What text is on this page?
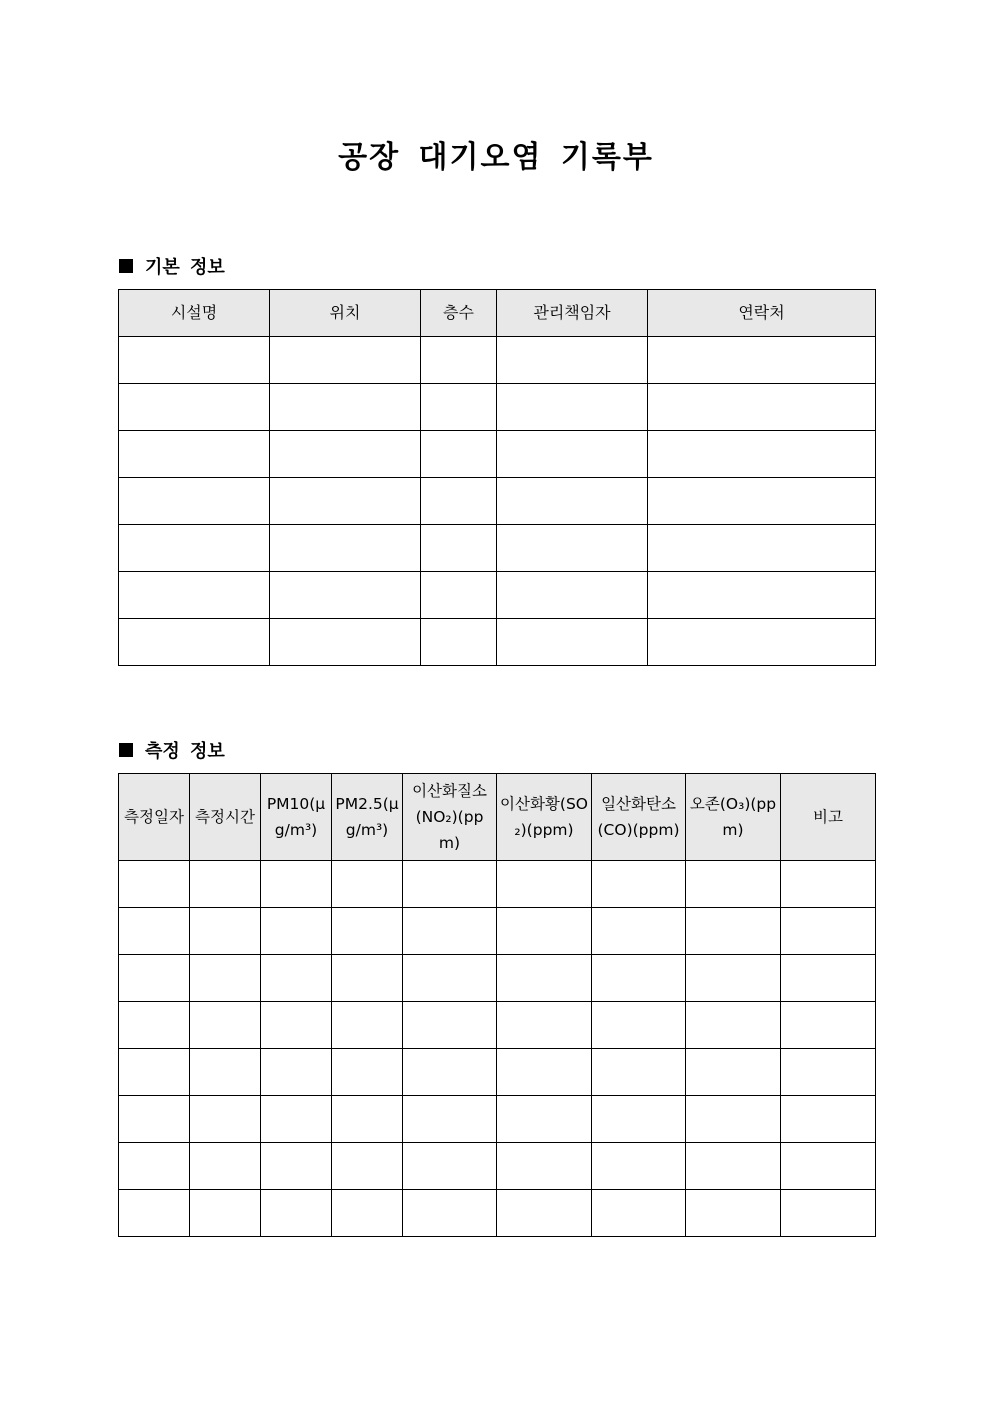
공장 대기오염 기록부
기본 정보
시설명	위치	층수	관리책임자	연락처

측정 정보
측정일자	측정시간	PM10(μg/m³)	PM2.5(μg/m³)	이산화질소(NO₂)(ppm)	이산화황(SO₂)(ppm)	일산화탄소(CO)(ppm)	오존(O₃)(ppm)	비고
